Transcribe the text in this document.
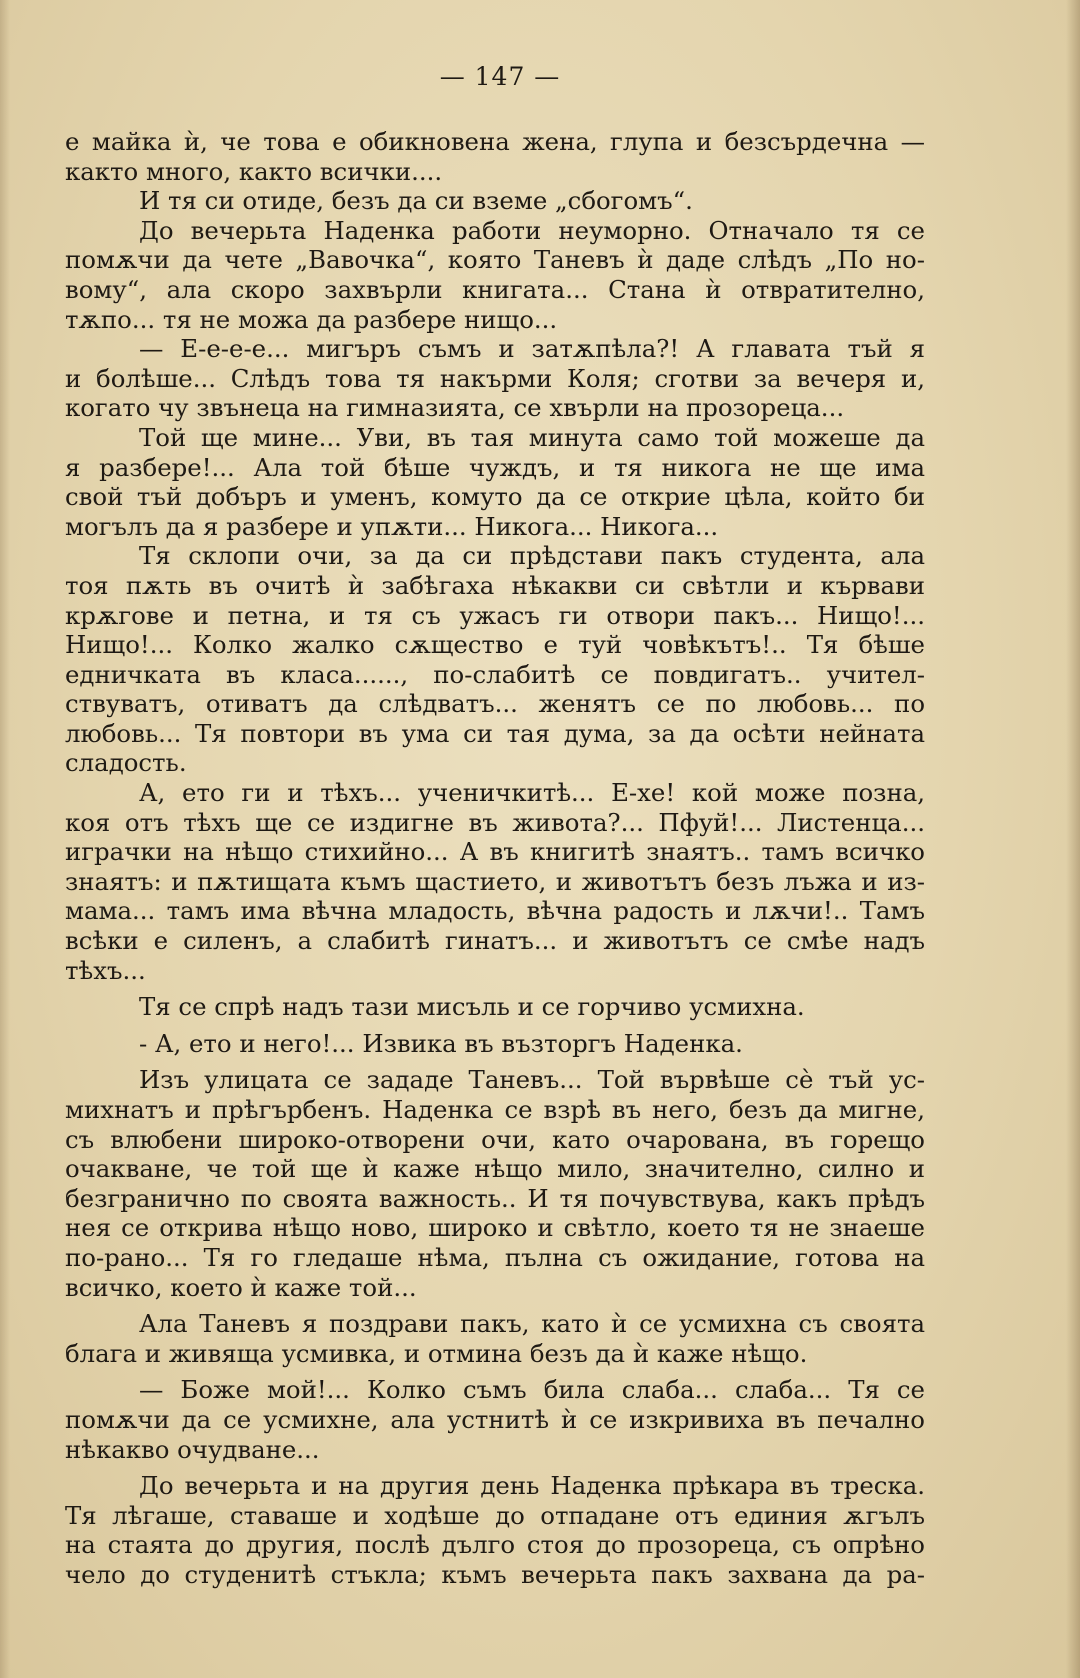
— 147 —
е майка ѝ, че това е обикновена жена, глупа и безсърдечна —
както много, както всички....
И тя си отиде, безъ да си вземе „сбогомъ“.
До вечерьта Наденка работи неуморно. Отначало тя се
помѫчи да чете „Вавочка“, която Таневъ ѝ даде слѣдъ „По но-
вому“, ала скоро захвърли книгата... Стана ѝ отвратително,
тѫпо... тя не можа да разбере нищо...
— Е-е-е-е... мигъръ съмъ и затѫпѣла?! А главата тъй я
и болѣше... Слѣдъ това тя накърми Коля; сготви за вечеря и,
когато чу звънеца на гимназията, се хвърли на прозореца...
Той ще мине... Уви, въ тая минута само той можеше да
я разбере!... Ала той бѣше чуждъ, и тя никога не ще има
свой тъй добъръ и уменъ, комуто да се открие цѣла, който би
могълъ да я разбере и упѫти... Никога... Никога...
Тя склопи очи, за да си прѣдстави пакъ студента, ала
тоя пѫть въ очитѣ ѝ забѣгаха нѣкакви си свѣтли и кървави
крѫгове и петна, и тя съ ужасъ ги отвори пакъ... Нищо!...
Нищо!... Колко жалко сѫщество е туй човѣкътъ!.. Тя бѣше
едничката въ класа......, по-слабитѣ се повдигатъ.. учител-
ствуватъ, отиватъ да слѣдватъ... женятъ се по любовь... по
любовь... Тя повтори въ ума си тая дума, за да осѣти нейната
сладость.
А, ето ги и тѣхъ... ученичкитѣ... Е-хе! кой може позна,
коя отъ тѣхъ ще се издигне въ живота?... Пфуй!... Листенца...
играчки на нѣщо стихийно... А въ книгитѣ знаятъ.. тамъ всичко
знаятъ: и пѫтищата къмъ щастието, и животътъ безъ лъжа и из-
мама... тамъ има вѣчна младость, вѣчна радость и лѫчи!.. Тамъ
всѣки е силенъ, а слабитѣ гинатъ... и животътъ се смѣе надъ
тѣхъ...
Тя се спрѣ надъ тази мисъль и се горчиво усмихна.
- А, ето и него!... Извика въ възторгъ Наденка.
Изъ улицата се зададе Таневъ... Той вървѣше сѐ тъй ус-
михнатъ и прѣгърбенъ. Наденка се взрѣ въ него, безъ да мигне,
съ влюбени широко-отворени очи, като очарована, въ горещо
очакване, че той ще ѝ каже нѣщо мило, значително, силно и
безгранично по своята важность.. И тя почувствува, какъ прѣдъ
нея се открива нѣщо ново, широко и свѣтло, което тя не знаеше
по-рано... Тя го гледаше нѣма, пълна съ ожидание, готова на
всичко, което ѝ каже той...
Ала Таневъ я поздрави пакъ, като ѝ се усмихна съ своята
блага и живяща усмивка, и отмина безъ да ѝ каже нѣщо.
— Боже мой!... Колко съмъ била слаба... слаба... Тя се
помѫчи да се усмихне, ала устнитѣ ѝ се изкривиха въ печално
нѣкакво очудване...
До вечерьта и на другия день Наденка прѣкара въ треска.
Тя лѣгаше, ставаше и ходѣше до отпадане отъ единия ѫгълъ
на стаята до другия, послѣ дълго стоя до прозореца, съ опрѣно
чело до студенитѣ стъкла; къмъ вечерьта пакъ захвана да ра-
